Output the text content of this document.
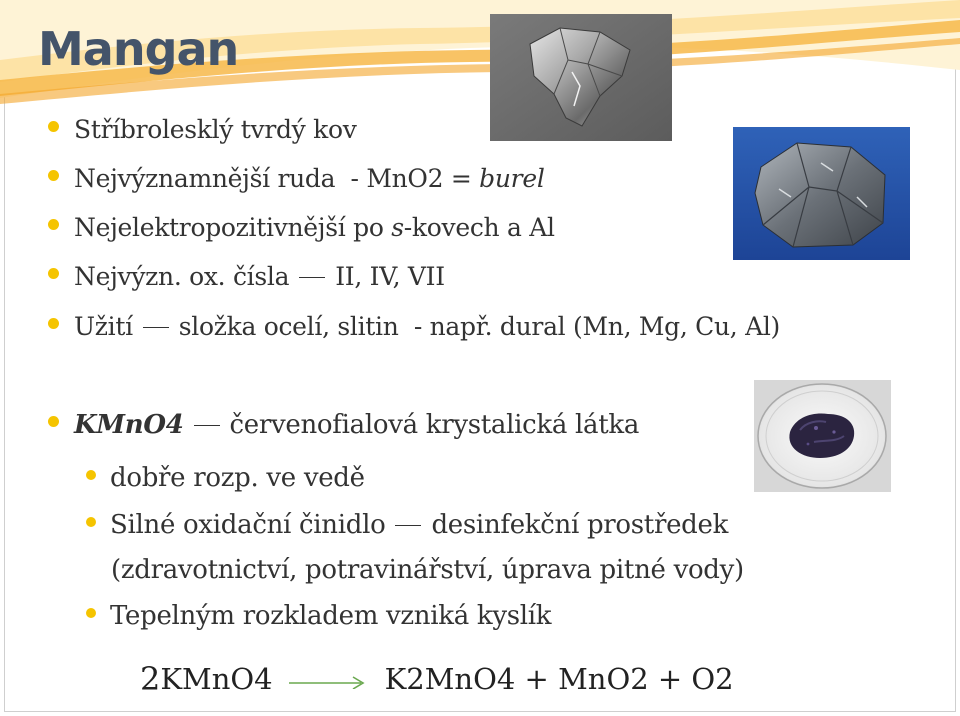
Mangan
Stříbrolesklý tvrdý kov
Nejvýznamnější ruda  - MnO2 = burel
Nejelektropozitivnější po s -kovech a Al
Nejvýzn. ox. čísla II, IV, VII
Užití složka ocelí, slitin  - např. dural (Mn, Mg, Cu, Al)
KMnO4 červenofialová krystalická látka
dobře rozp. ve vedě
Silné oxidační činidlo desinfekční prostředek
(zdravotnictví, potravinářství, úprava pitné vody)
Tepelným rozkladem vzniká kyslík
2 KMnO4 → K2MnO4 + MnO2 + O2
